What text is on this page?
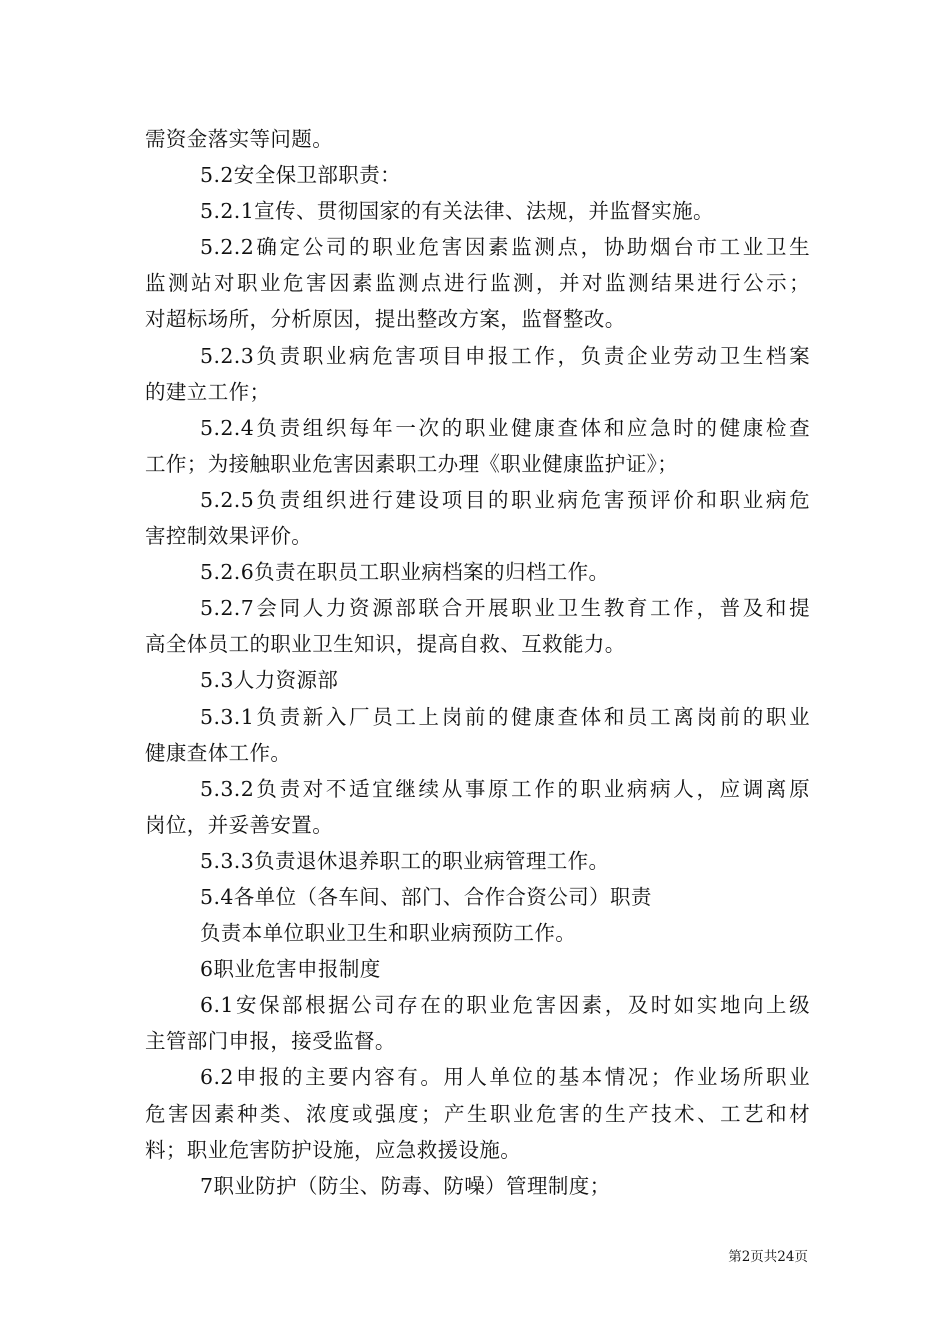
需资金落实等问题。
5.2安全保卫部职责：
5.2.1宣传、贯彻国家的有关法律、法规，并监督实施。
5.2.2确定公司的职业危害因素监测点，协助烟台市工业卫生
监测站对职业危害因素监测点进行监测，并对监测结果进行公示；
对超标场所，分析原因，提出整改方案，监督整改。
5.2.3负责职业病危害项目申报工作，负责企业劳动卫生档案
的建立工作；
5.2.4负责组织每年一次的职业健康查体和应急时的健康检查
工作；为接触职业危害因素职工办理《职业健康监护证》；
5.2.5负责组织进行建设项目的职业病危害预评价和职业病危
害控制效果评价。
5.2.6负责在职员工职业病档案的归档工作。
5.2.7会同人力资源部联合开展职业卫生教育工作，普及和提
高全体员工的职业卫生知识，提高自救、互救能力。
5.3人力资源部
5.3.1负责新入厂员工上岗前的健康查体和员工离岗前的职业
健康查体工作。
5.3.2负责对不适宜继续从事原工作的职业病病人，应调离原
岗位，并妥善安置。
5.3.3负责退休退养职工的职业病管理工作。
5.4各单位（各车间、部门、合作合资公司）职责
负责本单位职业卫生和职业病预防工作。
6职业危害申报制度
6.1安保部根据公司存在的职业危害因素，及时如实地向上级
主管部门申报，接受监督。
6.2申报的主要内容有。用人单位的基本情况；作业场所职业
危害因素种类、浓度或强度；产生职业危害的生产技术、工艺和材
料；职业危害防护设施，应急救援设施。
7职业防护（防尘、防毒、防噪）管理制度；
第2页共24页
